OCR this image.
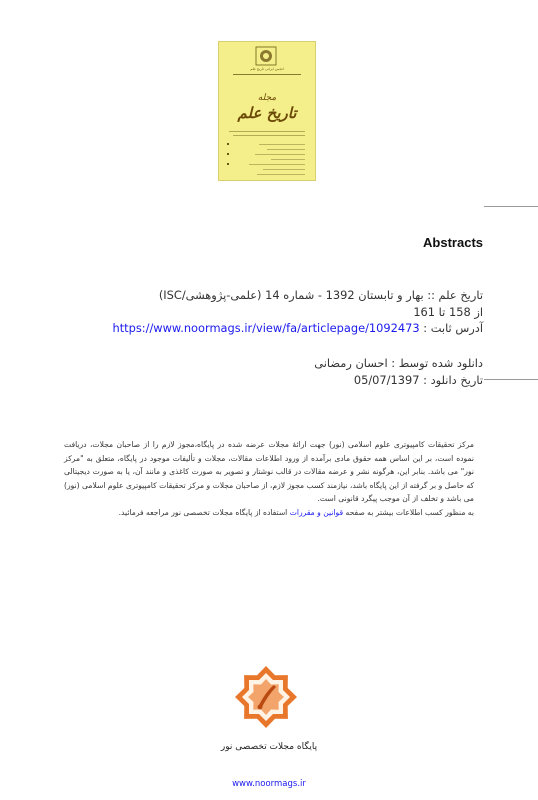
انجمن ایرانی تاریخ علم
مجله
تاریخ علم
Abstracts
تاریخ علم :: بهار و تابستان 1392 - شماره 14 (علمی-پژوهشی/ISC)
از 158 تا 161
آدرس ثابت : https://www.noormags.ir/view/fa/articlepage/1092473
دانلود شده توسط : احسان رمضانی
تاریخ دانلود : 05/07/1397
مرکز تحقیقات کامپیوتری علوم اسلامی (نور) جهت ارائهٔ مجلات عرضه شده در پایگاه،مجوز لازم را از صاحبان مجلات، دریافت نموده است، بر این اساس همه حقوق مادی برآمده از ورود اطلاعات مقالات، مجلات و تألیفات موجود در پایگاه، متعلق به "مرکز نور" می باشد. بنابر این، هرگونه نشر و عرضه مقالات در قالب نوشتار و تصویر به صورت کاغذی و مانند آن، یا به صورت دیجیتالی که حاصل و بر گرفته از این پایگاه باشد، نیازمند کسب مجوز لازم، از صاحبان مجلات و مرکز تحقیقات کامپیوتری علوم اسلامی (نور) می باشد و تخلف از آن موجب پیگرد قانونی است.
به منظور کسب اطلاعات بیشتر به صفحه قوانین و مقررات استفاده از پایگاه مجلات تخصصی نور مراجعه فرمائید.
پایگاه مجلات تخصصی نور
www.noormags.ir
